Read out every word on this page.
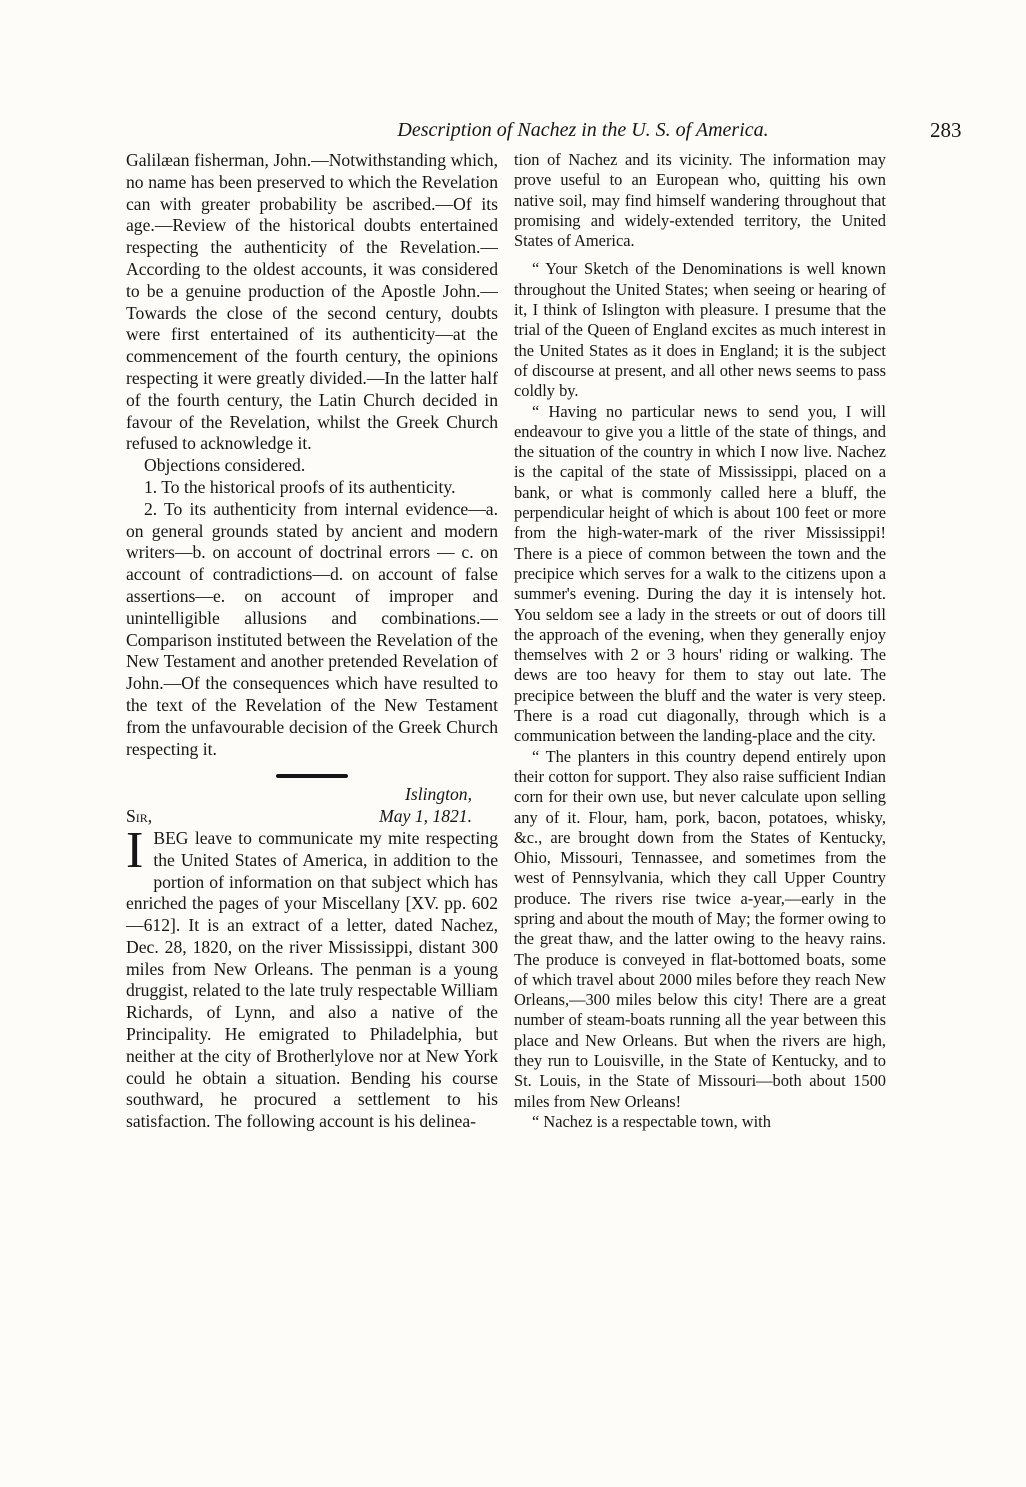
Description of Nachez in the U. S. of America.	283

Galilæan fisherman, John.—Notwithstanding which, no name has been preserved to which the Revelation can with greater probability be ascribed.—Of its age.—Review of the historical doubts entertained respecting the authenticity of the Revelation.—According to the oldest accounts, it was considered to be a genuine production of the Apostle John.—Towards the close of the second century, doubts were first entertained of its authenticity—at the commencement of the fourth century, the opinions respecting it were greatly divided.—In the latter half of the fourth century, the Latin Church decided in favour of the Revelation, whilst the Greek Church refused to acknowledge it.

Objections considered.

1. To the historical proofs of its authenticity.

2. To its authenticity from internal evidence—a. on general grounds stated by ancient and modern writers—b. on account of doctrinal errors — c. on account of contradictions—d. on account of false assertions—e. on account of improper and unintelligible allusions and combinations.—Comparison instituted between the Revelation of the New Testament and another pretended Revelation of John.—Of the consequences which have resulted to the text of the Revelation of the New Testament from the unfavourable decision of the Greek Church respecting it.

Islington,
Sir,	May 1, 1821.

I BEG leave to communicate my mite respecting the United States of America, in addition to the portion of information on that subject which has enriched the pages of your Miscellany [XV. pp. 602—612]. It is an extract of a letter, dated Nachez, Dec. 28, 1820, on the river Mississippi, distant 300 miles from New Orleans. The penman is a young druggist, related to the late truly respectable William Richards, of Lynn, and also a native of the Principality. He emigrated to Philadelphia, but neither at the city of Brotherlylove nor at New York could he obtain a situation. Bending his course southward, he procured a settlement to his satisfaction. The following account is his delinea-

tion of Nachez and its vicinity. The information may prove useful to an European who, quitting his own native soil, may find himself wandering throughout that promising and widely-extended territory, the United States of America.

“ Your Sketch of the Denominations is well known throughout the United States; when seeing or hearing of it, I think of Islington with pleasure. I presume that the trial of the Queen of England excites as much interest in the United States as it does in England; it is the subject of discourse at present, and all other news seems to pass coldly by.

“ Having no particular news to send you, I will endeavour to give you a little of the state of things, and the situation of the country in which I now live. Nachez is the capital of the state of Mississippi, placed on a bank, or what is commonly called here a bluff, the perpendicular height of which is about 100 feet or more from the high-water-mark of the river Mississippi! There is a piece of common between the town and the precipice which serves for a walk to the citizens upon a summer's evening. During the day it is intensely hot. You seldom see a lady in the streets or out of doors till the approach of the evening, when they generally enjoy themselves with 2 or 3 hours' riding or walking. The dews are too heavy for them to stay out late. The precipice between the bluff and the water is very steep. There is a road cut diagonally, through which is a communication between the landing-place and the city.

“ The planters in this country depend entirely upon their cotton for support. They also raise sufficient Indian corn for their own use, but never calculate upon selling any of it. Flour, ham, pork, bacon, potatoes, whisky, &c., are brought down from the States of Kentucky, Ohio, Missouri, Tennassee, and sometimes from the west of Pennsylvania, which they call Upper Country produce. The rivers rise twice a-year,—early in the spring and about the mouth of May; the former owing to the great thaw, and the latter owing to the heavy rains. The produce is conveyed in flat-bottomed boats, some of which travel about 2000 miles before they reach New Orleans,—300 miles below this city! There are a great number of steam-boats running all the year between this place and New Orleans. But when the rivers are high, they run to Louisville, in the State of Kentucky, and to St. Louis, in the State of Missouri—both about 1500 miles from New Orleans!

“ Nachez is a respectable town, with
